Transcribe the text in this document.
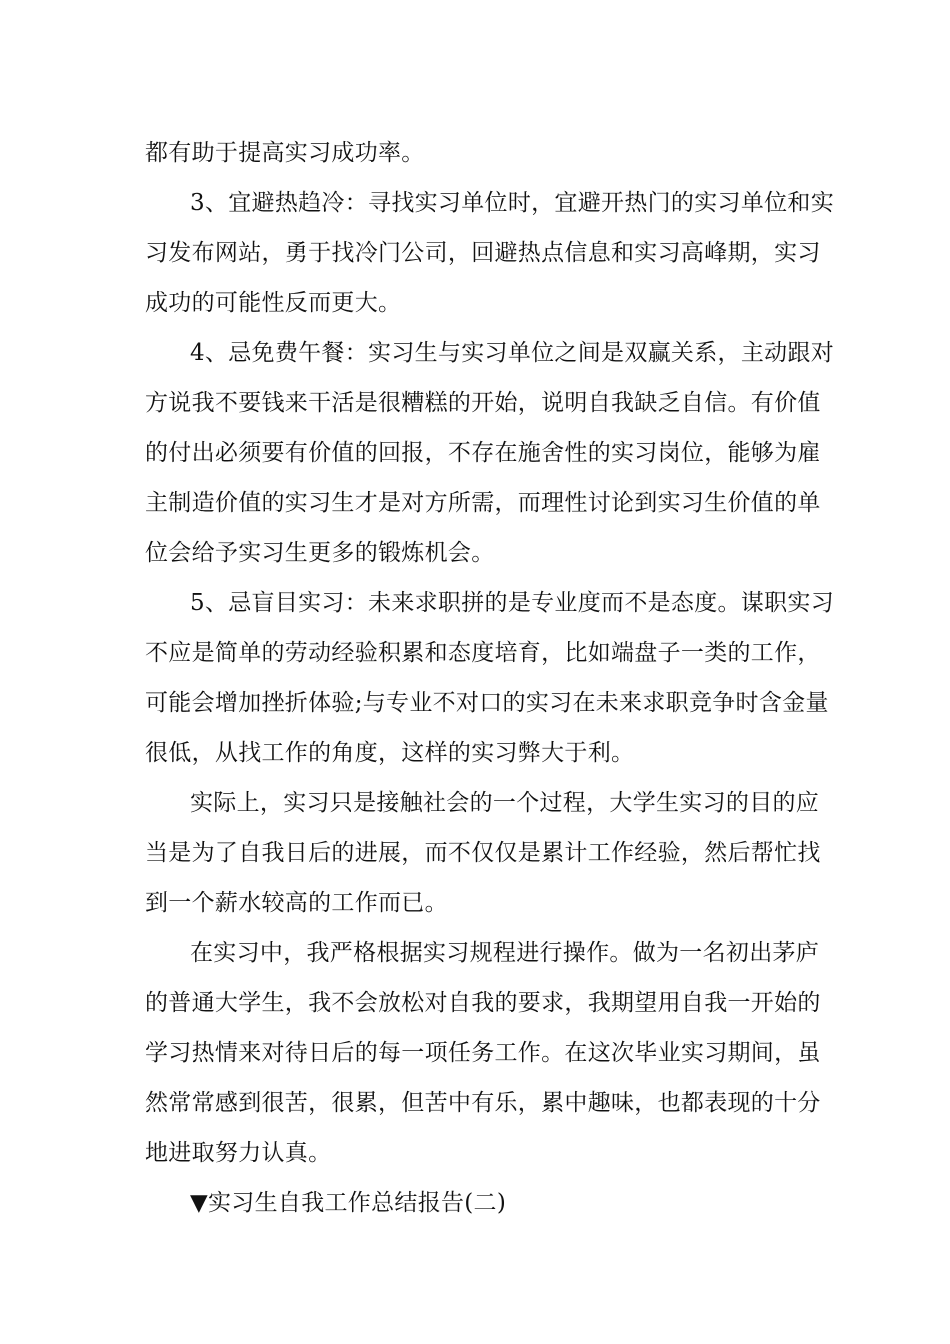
都有助于提高实习成功率。
3、宜避热趋冷：寻找实习单位时，宜避开热门的实习单位和实
习发布网站，勇于找冷门公司，回避热点信息和实习高峰期，实习
成功的可能性反而更大。
4、忌免费午餐：实习生与实习单位之间是双赢关系，主动跟对
方说我不要钱来干活是很糟糕的开始，说明自我缺乏自信。有价值
的付出必须要有价值的回报，不存在施舍性的实习岗位，能够为雇
主制造价值的实习生才是对方所需，而理性讨论到实习生价值的单
位会给予实习生更多的锻炼机会。
5、忌盲目实习：未来求职拼的是专业度而不是态度。谋职实习
不应是简单的劳动经验积累和态度培育，比如端盘子一类的工作，
可能会增加挫折体验;与专业不对口的实习在未来求职竞争时含金量
很低，从找工作的角度，这样的实习弊大于利。
实际上，实习只是接触社会的一个过程，大学生实习的目的应
当是为了自我日后的进展，而不仅仅是累计工作经验，然后帮忙找
到一个薪水较高的工作而已。
在实习中，我严格根据实习规程进行操作。做为一名初出茅庐
的普通大学生，我不会放松对自我的要求，我期望用自我一开始的
学习热情来对待日后的每一项任务工作。在这次毕业实习期间，虽
然常常感到很苦，很累，但苦中有乐，累中趣味，也都表现的十分
地进取努力认真。
▼实习生自我工作总结报告(二)
